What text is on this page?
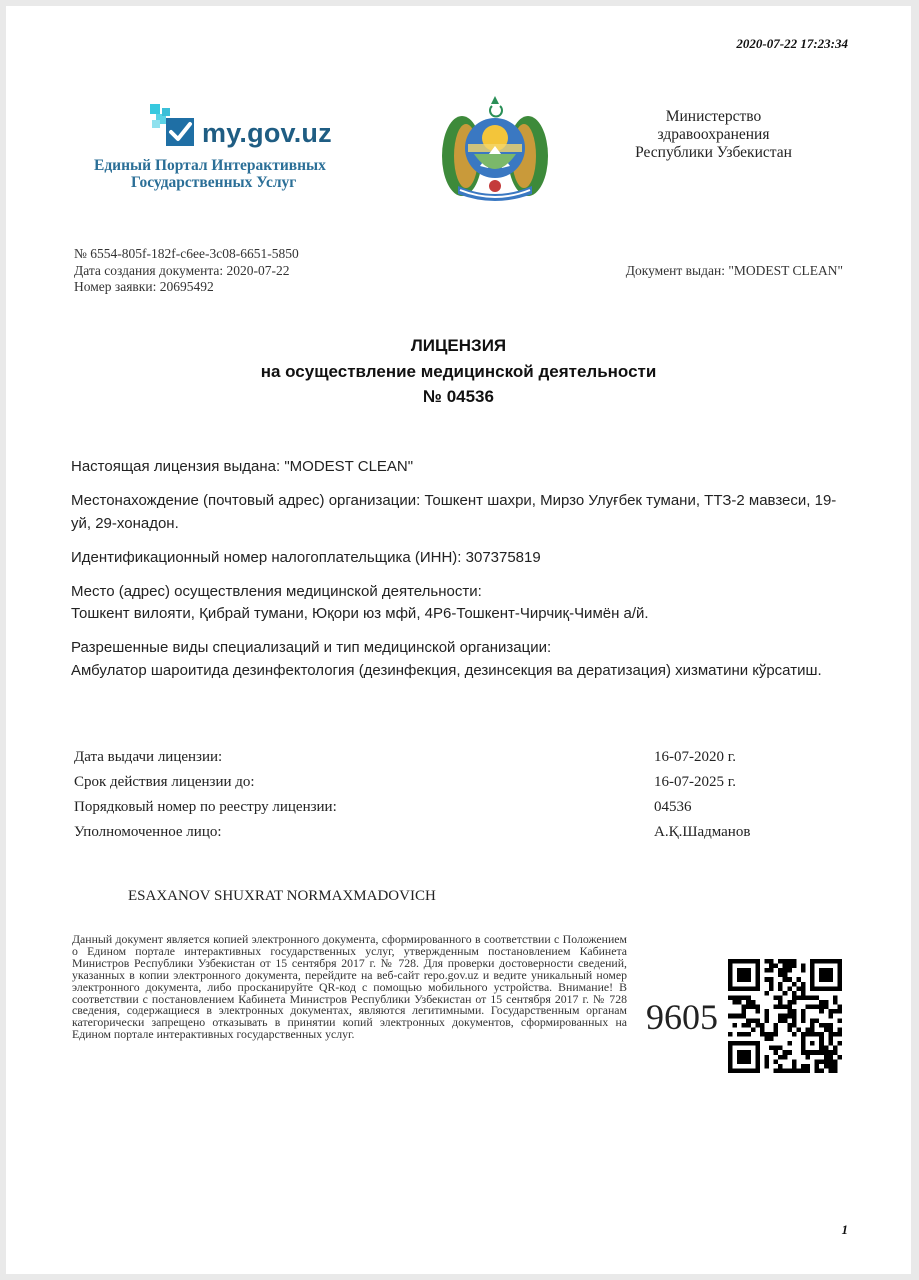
2020-07-22 17:23:34
my.gov.uz
Единый Портал Интерактивных
Государственных Услуг
Министерство
здравоохранения
Республики Узбекистан
№ 6554-805f-182f-c6ee-3c08-6651-5850
Дата создания документа: 2020-07-22
Номер заявки: 20695492
Документ выдан: "MODEST CLEAN"
ЛИЦЕНЗИЯ
на осуществление медицинской деятельности
№ 04536

Настоящая лицензия выдана: "MODEST CLEAN"

Местонахождение (почтовый адрес) организации: Тошкент шахри, Мирзо Улуғбек тумани, ТТЗ-2 мавзеси, 19-уй, 29-хонадон.

Идентификационный номер налогоплательщика (ИНН): 307375819

Место (адрес) осуществления медицинской деятельности:
Тошкент вилояти, Қибрай тумани, Юқори юз мфй, 4Р6-Тошкент-Чирчиқ-Чимён а/й.

Разрешенные виды специализаций и тип медицинской организации:
Амбулатор шароитида дезинфектология (дезинфекция, дезинсекция ва дератизация) хизматини кўрсатиш.

Дата выдачи лицензии:	16-07-2020 г.
Срок действия лицензии до:	16-07-2025 г.
Порядковый номер по реестру лицензии:	04536
Уполномоченное лицо:	А.Қ.Шадманов
ESAXANOV SHUXRAT NORMAXMADOVICH
Данный документ является копией электронного документа, сформированного в соответствии с Положением о Едином портале интерактивных государственных услуг, утвержденным постановлением Кабинета Министров Республики Узбекистан от 15 сентября 2017 г. № 728. Для проверки достоверности сведений, указанных в копии электронного документа, перейдите на веб-сайт repo.gov.uz и ведите уникальный номер электронного документа, либо просканируйте QR-код с помощью мобильного устройства. Внимание! В соответствии с постановлением Кабинета Министров Республики Узбекистан от 15 сентября 2017 г. № 728 сведения, содержащиеся в электронных документах, являются легитимными. Государственным органам категорически запрещено отказывать в принятии копий электронных документов, сформированных на Едином портале интерактивных государственных услуг.	9605
1
